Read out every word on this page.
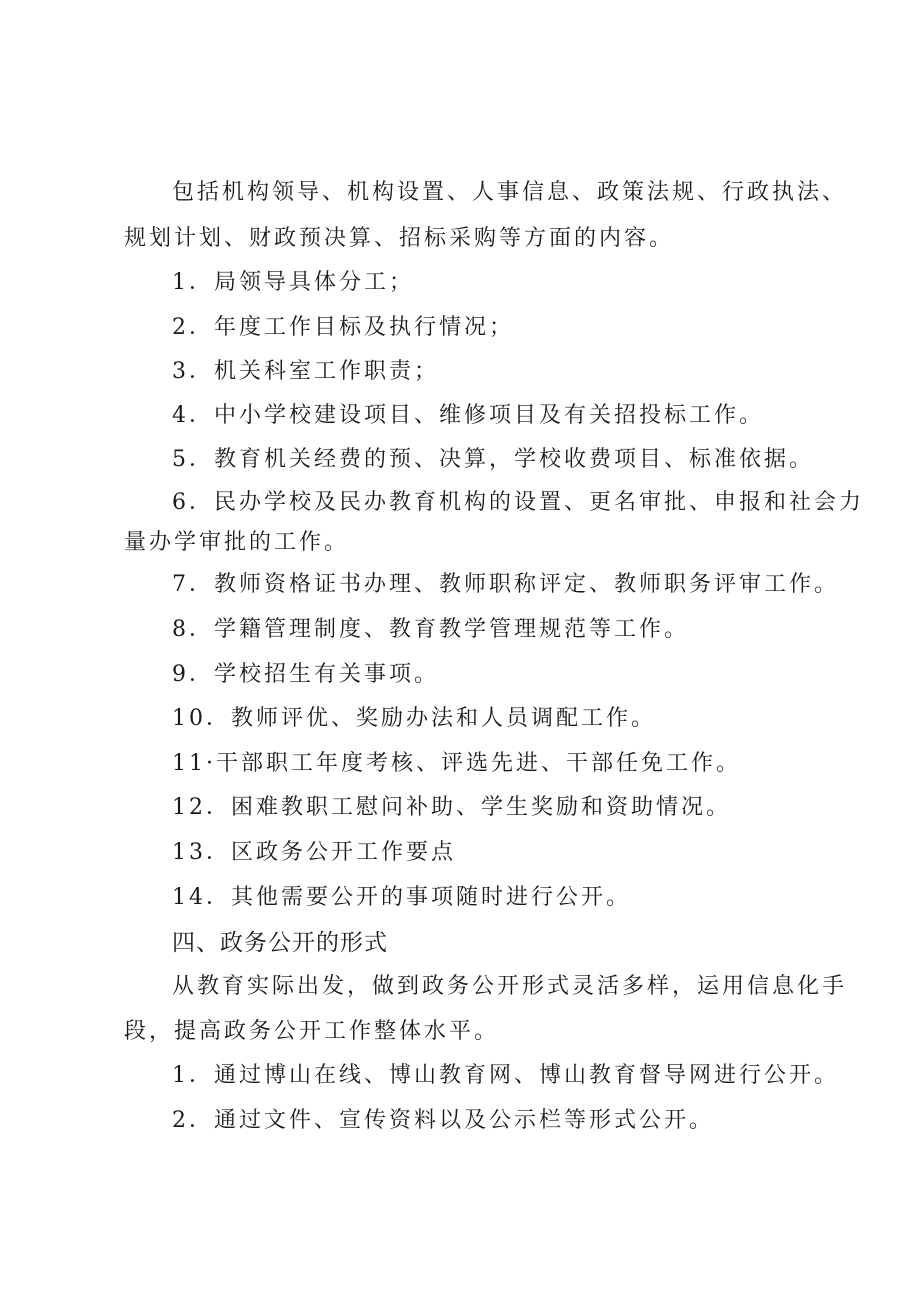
包括机构领导、机构设置、人事信息、政策法规、行政执法、
规划计划、财政预决算、招标采购等方面的内容。
1．局领导具体分工；
2．年度工作目标及执行情况；
3．机关科室工作职责；
4．中小学校建设项目、维修项目及有关招投标工作。
5．教育机关经费的预、决算，学校收费项目、标准依据。
6．民办学校及民办教育机构的设置、更名审批、申报和社会力
量办学审批的工作。
7．教师资格证书办理、教师职称评定、教师职务评审工作。
8．学籍管理制度、教育教学管理规范等工作。
9．学校招生有关事项。
10．教师评优、奖励办法和人员调配工作。
11·干部职工年度考核、评选先进、干部任免工作。
12．困难教职工慰问补助、学生奖励和资助情况。
13．区政务公开工作要点
14．其他需要公开的事项随时进行公开。
四、政务公开的形式
从教育实际出发，做到政务公开形式灵活多样，运用信息化手
段，提高政务公开工作整体水平。
1．通过博山在线、博山教育网、博山教育督导网进行公开。
2．通过文件、宣传资料以及公示栏等形式公开。
